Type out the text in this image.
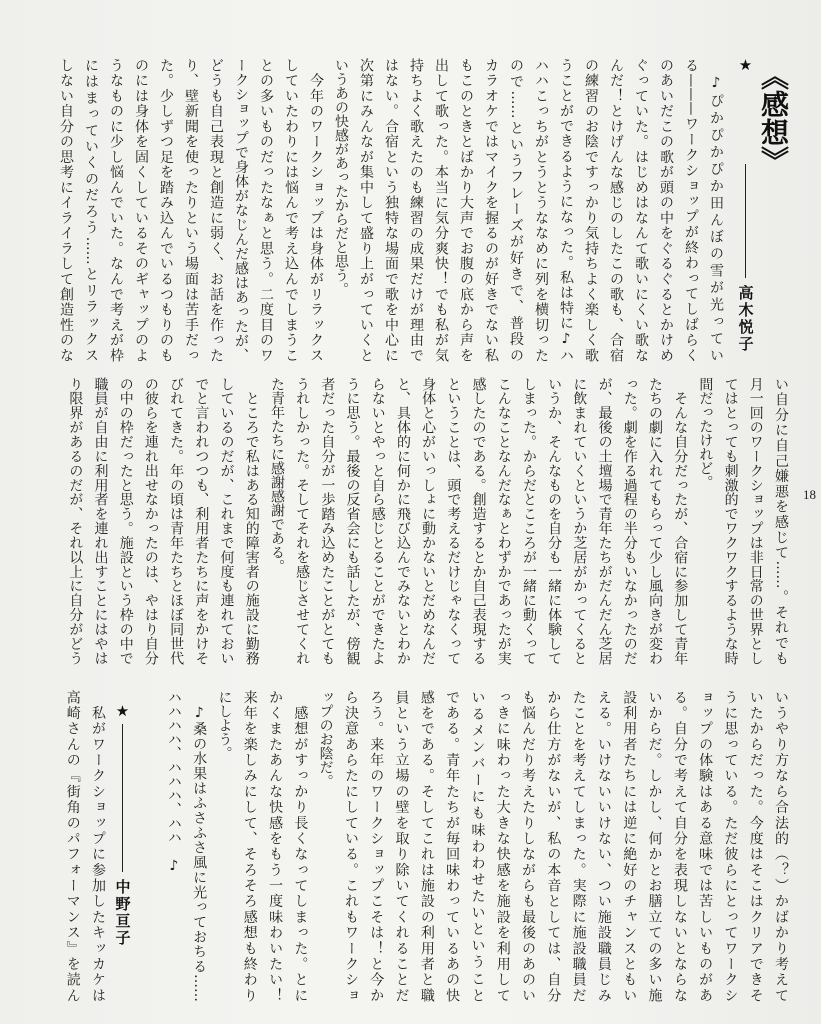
《感想》
★
高木悦子
　♪ぴかぴかぴか田んぼの雪が光ってい
る———ワークショップが終わってしばらく
のあいだこの歌が頭の中をぐるぐるとかけめ
ぐっていた。はじめはなんて歌いにくい歌な
んだ！とけげんな感じのしたこの歌も、合宿
の練習のお陰ですっかり気持ちよく楽しく歌
うことができるようになった。私は特に♪ハ
ハハこっちがとうとうななめに列を横切った
ので……というフレーズが好きで、普段の
カラオケではマイクを握るのが好きでない私
もこのときとばかり大声でお腹の底から声を
出して歌った。本当に気分爽快！でも私が気
持ちよく歌えたのも練習の成果だけが理由で
はない。合宿という独特な場面で歌を中心に
次第にみんなが集中して盛り上がっていくと
いうあの快感があったからだと思う。
　今年のワークショップは身体がリラックス
していたわりには悩んで考え込んでしまうこ
との多いものだったなぁと思う。二度目のワ
ークショップで身体がなじんだ感はあったが、
どうも自己表現と創造に弱く、お話を作った
り、壁新聞を使ったりという場面は苦手だっ
た。少しずつ足を踏み込んでいるつもりのも
のには身体を固くしているそのギャップのよ
うなものに少し悩んでいた。なんで考えが枠
にはまっていくのだろう……とリラックス
しない自分の思考にイライラして創造性のな
い自分に自己嫌悪を感じて……。それでも
月一回のワークショップは非日常の世界とし
てはとっても刺激的でワクワクするような時
間だったけれど。
　そんな自分だったが、合宿に参加して青年
たちの劇に入れてもらって少し風向きが変わ
った。劇を作る過程の半分もいなかったのだ
が、最後の土壇場で青年たちがだんだん芝居
に飲まれていくというか芝居がかってくると
いうか、そんなものを自分も一緒に体験して
しまった。からだとこころが一緒に動くって
こんなことなんだなぁとわずかであったが実
感したのである。創造するとか自己表現する
ということは、頭で考えるだけじゃなくって
身体と心がいっしょに動かないとだめなんだ
と、具体的に何かに飛び込んでみないとわか
らないとやっと自ら感じとることができたよ
うに思う。最後の反省会にも話したが、傍観
者だった自分が一歩踏み込めたことがとても
うれしかった。そしてそれを感じさせてくれ
た青年たちに感謝感謝である。
　ところで私はある知的障害者の施設に勤務
しているのだが、これまで何度も連れておい
でと言われつつも、利用者たちに声をかけそ
びれてきた。年の頃は青年たちとほぼ同世代
の彼らを連れ出せなかったのは、やはり自分
の中の枠だったと思う。施設という枠の中で
職員が自由に利用者を連れ出すことにはやは
り限界があるのだが、それ以上に自分がどう
いうやり方なら合法的（？）かばかり考えて
いたからだった。今度はそこはクリアできそ
うに思っている。ただ彼らにとってワークシ
ョップの体験はある意味では苦しいものがあ
る。自分で考えて自分を表現しないとならな
いからだ。しかし、何かとお膳立ての多い施
設利用者たちには逆に絶好のチャンスともい
える。いけないいけない、つい施設職員じみ
たことを考えてしまった。実際に施設職員だ
から仕方がないが、私の本音としては、自分
も悩んだり考えたりしながらも最後のあのい
っきに味わった大きな快感を施設を利用して
いるメンバーにも味わわせたいということ
である。青年たちが毎回味わっているあの快
感をである。そしてこれは施設の利用者と職
員という立場の壁を取り除いてくれることだ
ろう。来年のワークショップこそは！と今か
ら決意あらたにしている。これもワークショ
ップのお陰だ。
　感想がすっかり長くなってしまった。とに
かくまたあんな快感をもう一度味わいたい！
来年を楽しみにして、そろそろ感想も終わり
にしよう。
　♪桑の水果はふさふさ風に光っておちる……
ハハハハ、ハハハ、ハハ　♪
　私がワークショップに参加したキッカケは
高崎さんの『街角のパフォーマンス』を読ん ★
中野亘子
18
